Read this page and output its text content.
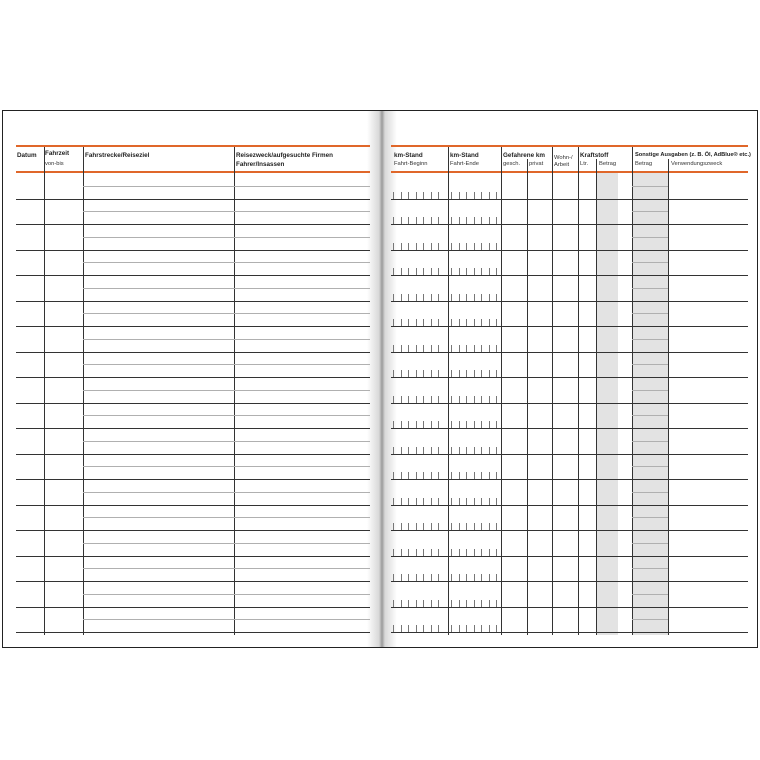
Datum Fahrzeit
von-bis
Fahrstrecke/Reiseziel	Reisezweck/aufgesuchte Firmen
Fahrer/Insassen
km-Stand
Fahrt-Beginn
km-Stand
Fahrt-Ende
Gefahrene km
gesch. privat
Wohn-/
Arbeit
Kraftstoff
Ltr. Betrag
Sonstige Ausgaben (z. B. Öl, AdBlue® etc.)
Betrag	Verwendungszweck
